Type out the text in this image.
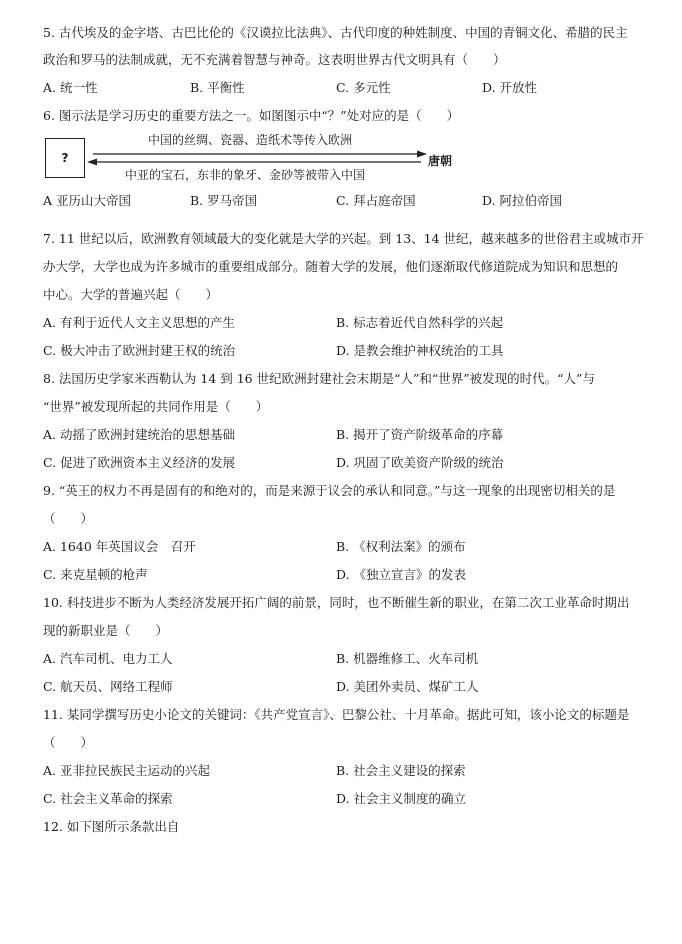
5. 古代埃及的金字塔、古巴比伦的《汉谟拉比法典》、古代印度的种姓制度、中国的青铜文化、希腊的民主
政治和罗马的法制成就，无不充满着智慧与神奇。这表明世界古代文明具有（　　）
A. 统一性	B. 平衡性	C. 多元性	D. 开放性
6. 图示法是学习历史的重要方法之一。如图图示中“？”处对应的是（　　）
?
中国的丝绸、瓷器、造纸术等传入欧洲
中亚的宝石，东非的象牙、金砂等被带入中国
唐朝
A 亚历山大帝国	B. 罗马帝国	C. 拜占庭帝国	D. 阿拉伯帝国
7. 11 世纪以后，欧洲教育领域最大的变化就是大学的兴起。到 13、14 世纪，越来越多的世俗君主或城市开
办大学，大学也成为许多城市的重要组成部分。随着大学的发展，他们逐渐取代修道院成为知识和思想的
中心。大学的普遍兴起（　　）
A. 有利于近代人文主义思想的产生	B. 标志着近代自然科学的兴起
C. 极大冲击了欧洲封建王权的统治	D. 是教会维护神权统治的工具
8. 法国历史学家米西勒认为 14 到 16 世纪欧洲封建社会末期是“人”和“世界”被发现的时代。“人”与
“世界”被发现所起的共同作用是（　　）
A. 动摇了欧洲封建统治的思想基础	B. 揭开了资产阶级革命的序幕
C. 促进了欧洲资本主义经济的发展	D. 巩固了欧美资产阶级的统治
9. “英王的权力不再是固有的和绝对的，而是来源于议会的承认和同意。”与这一现象的出现密切相关的是
（　　）
A. 1640 年英国议会　召开	B. 《权利法案》的颁布
C. 来克星顿的枪声	D. 《独立宣言》的发表
10. 科技进步不断为人类经济发展开拓广阔的前景，同时，也不断催生新的职业，在第二次工业革命时期出
现的新职业是（　　）
A. 汽车司机、电力工人	B. 机器维修工、火车司机
C. 航天员、网络工程师	D. 美团外卖员、煤矿工人
11. 某同学撰写历史小论文的关键词：《共产党宣言》、巴黎公社、十月革命。据此可知，该小论文的标题是
（　　）
A. 亚非拉民族民主运动的兴起	B. 社会主义建设的探索
C. 社会主义革命的探索	D. 社会主义制度的确立
12. 如下图所示条款出自
